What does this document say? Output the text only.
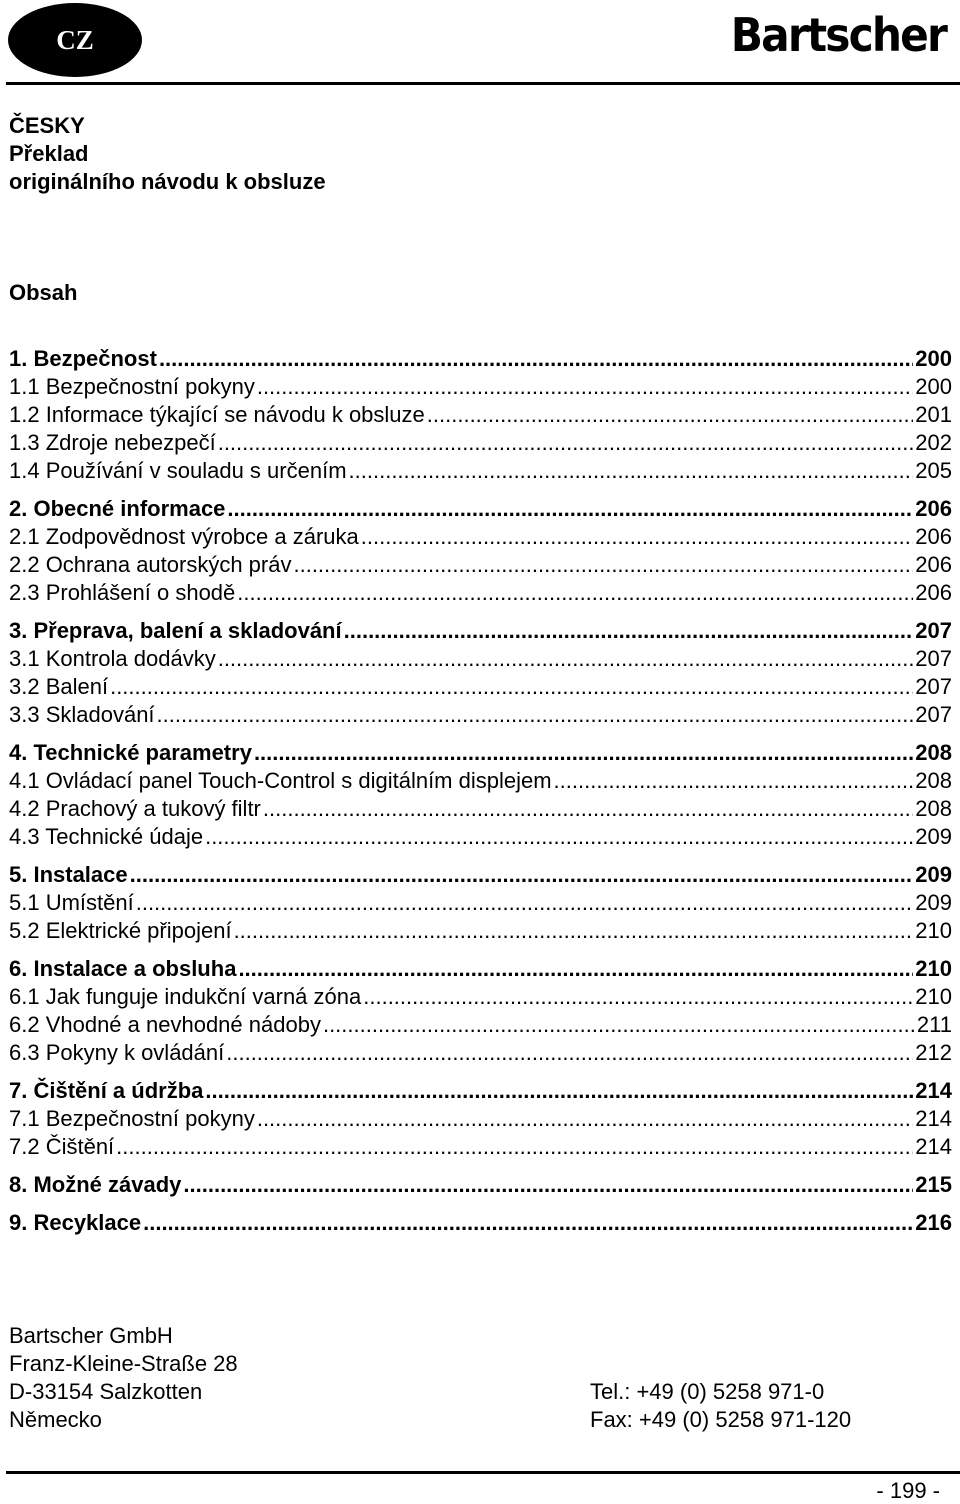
CZ	Bartscher
ČESKY
Překlad
originálního návodu k obsluze
Obsah
1. Bezpečnost .....	200
1.1 Bezpečnostní pokyny .....	200
1.2 Informace týkající se návodu k obsluze .....	201
1.3 Zdroje nebezpečí .....	202
1.4 Používání v souladu s určením .....	205
2. Obecné informace .....	206
2.1 Zodpovědnost výrobce a záruka .....	206
2.2 Ochrana autorských práv .....	206
2.3 Prohlášení o shodě .....	206
3. Přeprava, balení a skladování .....	207
3.1 Kontrola dodávky .....	207
3.2 Balení .....	207
3.3 Skladování .....	207
4. Technické parametry .....	208
4.1 Ovládací panel Touch-Control s digitálním displejem .....	208
4.2 Prachový a tukový filtr .....	208
4.3 Technické údaje .....	209
5. Instalace .....	209
5.1 Umístění .....	209
5.2 Elektrické připojení .....	210
6. Instalace a obsluha .....	210
6.1 Jak funguje indukční varná zóna .....	210
6.2 Vhodné a nevhodné nádoby .....	211
6.3 Pokyny k ovládání .....	212
7. Čištění a údržba .....	214
7.1 Bezpečnostní pokyny .....	214
7.2 Čištění .....	214
8. Možné závady .....	215
9. Recyklace .....	216
Bartscher GmbH
Franz-Kleine-Straße 28
D-33154 Salzkotten
Německo
Tel.: +49 (0) 5258 971-0
Fax: +49 (0) 5258 971-120
- 199 -
